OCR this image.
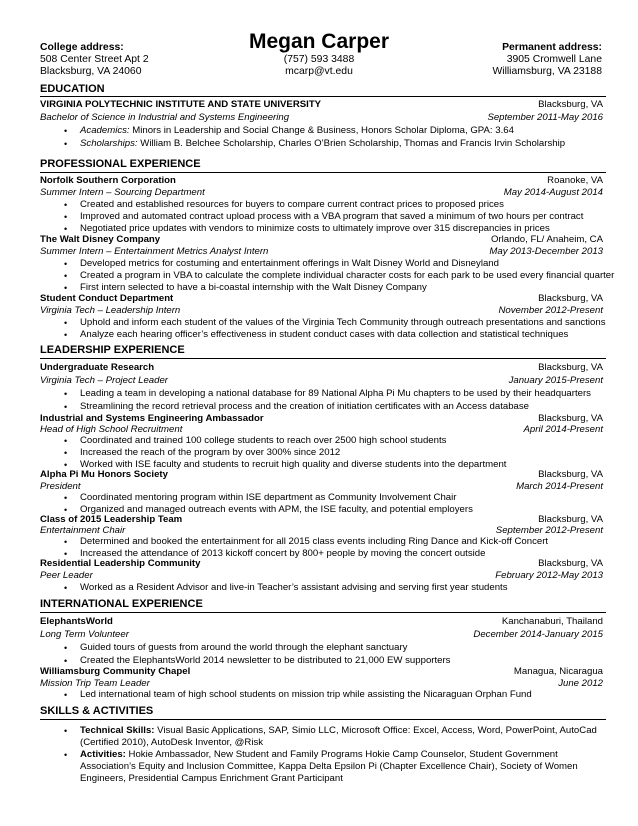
College address:
508 Center Street Apt 2
Blacksburg, VA 24060
Megan Carper
(757) 593 3488
mcarp@vt.edu
Permanent address:
3905 Cromwell Lane
Williamsburg, VA 23188
EDUCATION
VIRGINIA POLYTECHNIC INSTITUTE AND STATE UNIVERSITY	Blacksburg, VA
Bachelor of Science in Industrial and Systems Engineering	September 2011-May 2016
• Academics: Minors in Leadership and Social Change & Business, Honors Scholar Diploma, GPA: 3.64
• Scholarships: William B. Belchee Scholarship, Charles O’Brien Scholarship, Thomas and Francis Irvin Scholarship
PROFESSIONAL EXPERIENCE
Norfolk Southern Corporation	Roanoke, VA
Summer Intern – Sourcing Department	May 2014-August 2014
• Created and established resources for buyers to compare current contract prices to proposed prices
• Improved and automated contract upload process with a VBA program that saved a minimum of two hours per contract
• Negotiated price updates with vendors to minimize costs to ultimately improve over 315 discrepancies in prices
The Walt Disney Company	Orlando, FL/ Anaheim, CA
Summer Intern – Entertainment Metrics Analyst Intern	May 2013-December 2013
• Developed metrics for costuming and entertainment offerings in Walt Disney World and Disneyland
• Created a program in VBA to calculate the complete individual character costs for each park to be used every financial quarter
• First intern selected to have a bi-coastal internship with the Walt Disney Company
Student Conduct Department	Blacksburg, VA
Virginia Tech – Leadership Intern	November 2012-Present
• Uphold and inform each student of the values of the Virginia Tech Community through outreach presentations and sanctions
• Analyze each hearing officer’s effectiveness in student conduct cases with data collection and statistical techniques
LEADERSHIP EXPERIENCE
Undergraduate Research	Blacksburg, VA
Virginia Tech – Project Leader	January 2015-Present
• Leading a team in developing a national database for 89 National Alpha Pi Mu chapters to be used by their headquarters
• Streamlining the record retrieval process and the creation of initiation certificates with an Access database
Industrial and Systems Engineering Ambassador	Blacksburg, VA
Head of High School Recruitment	April 2014-Present
• Coordinated and trained 100 college students to reach over 2500 high school students
• Increased the reach of the program by over 300% since 2012
• Worked with ISE faculty and students to recruit high quality and diverse students into the department
Alpha Pi Mu Honors Society	Blacksburg, VA
President	March 2014-Present
• Coordinated mentoring program within ISE department as Community Involvement Chair
• Organized and managed outreach events with APM, the ISE faculty, and potential employers
Class of 2015 Leadership Team	Blacksburg, VA
Entertainment Chair	September 2012-Present
• Determined and booked the entertainment for all 2015 class events including Ring Dance and Kick-off Concert
• Increased the attendance of 2013 kickoff concert by 800+ people by moving the concert outside
Residential Leadership Community	Blacksburg, VA
Peer Leader	February 2012-May 2013
• Worked as a Resident Advisor and live-in Teacher’s assistant advising and serving first year students
INTERNATIONAL EXPERIENCE
ElephantsWorld	Kanchanaburi, Thailand
Long Term Volunteer	December 2014-January 2015
• Guided tours of guests from around the world through the elephant sanctuary
• Created the ElephantsWorld 2014 newsletter to be distributed to 21,000 EW supporters
Williamsburg Community Chapel	Managua, Nicaragua
Mission Trip Team Leader	June 2012
• Led international team of high school students on mission trip while assisting the Nicaraguan Orphan Fund
SKILLS & ACTIVITIES
• Technical Skills: Visual Basic Applications, SAP, Simio LLC, Microsoft Office: Excel, Access, Word, PowerPoint, AutoCad
(Certified 2010), AutoDesk Inventor, @Risk
• Activities: Hokie Ambassador, New Student and Family Programs Hokie Camp Counselor, Student Government
Association’s Equity and Inclusion Committee, Kappa Delta Epsilon Pi (Chapter Excellence Chair), Society of Women
Engineers, Presidential Campus Enrichment Grant Participant
